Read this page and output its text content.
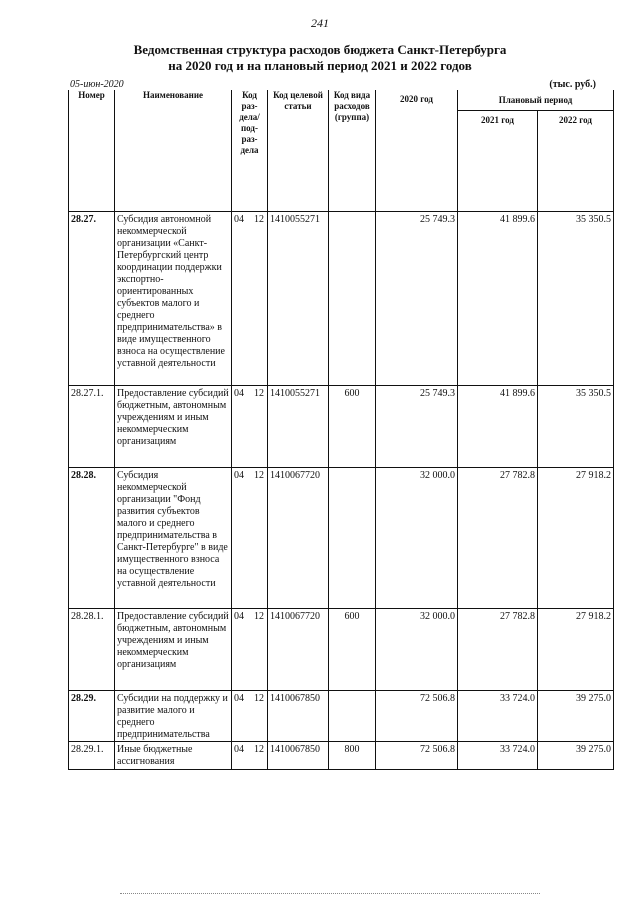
241
Ведомственная структура расходов бюджета Санкт-Петербурга
на 2020 год и на плановый период 2021 и 2022 годов
05-июн-2020	(тыс. руб.)
Номер	Наименование	Код раз-дела/ под-раз-дела	Код целевой статьи	Код вида расходов (группа)	2020 год	Плановый период	
						2021 год	2022 год
28.27.	Субсидия автономной некоммерческой организации «Санкт-Петербургский центр координации поддержки экспортно-ориентированных субъектов малого и среднего предпринимательства» в виде имущественного взноса на осуществление уставной деятельности	04 12	1410055271		25 749.3	41 899.6	35 350.5
28.27.1.	Предоставление субсидий бюджетным, автономным учреждениям и иным некоммерческим организациям	04 12	1410055271	600	25 749.3	41 899.6	35 350.5
28.28.	Субсидия некоммерческой организации "Фонд развития субъектов малого и среднего предпринимательства в Санкт-Петербурге" в виде имущественного взноса на осуществление уставной деятельности	04 12	1410067720		32 000.0	27 782.8	27 918.2
28.28.1.	Предоставление субсидий бюджетным, автономным учреждениям и иным некоммерческим организациям	04 12	1410067720	600	32 000.0	27 782.8	27 918.2
28.29.	Субсидии на поддержку и развитие малого и среднего предпринимательства	04 12	1410067850		72 506.8	33 724.0	39 275.0
28.29.1.	Иные бюджетные ассигнования	04 12	1410067850	800	72 506.8	33 724.0	39 275.0
